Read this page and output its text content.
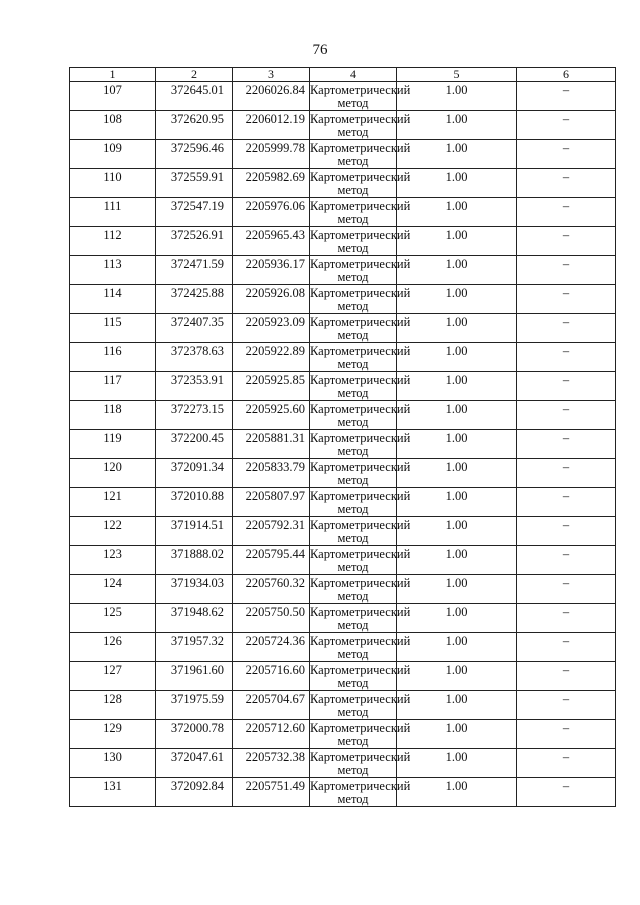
76
1	2	3	4	5	6
107	372645.01	2206026.84	Картометрический метод	1.00	–
108	372620.95	2206012.19	Картометрический метод	1.00	–
109	372596.46	2205999.78	Картометрический метод	1.00	–
110	372559.91	2205982.69	Картометрический метод	1.00	–
111	372547.19	2205976.06	Картометрический метод	1.00	–
112	372526.91	2205965.43	Картометрический метод	1.00	–
113	372471.59	2205936.17	Картометрический метод	1.00	–
114	372425.88	2205926.08	Картометрический метод	1.00	–
115	372407.35	2205923.09	Картометрический метод	1.00	–
116	372378.63	2205922.89	Картометрический метод	1.00	–
117	372353.91	2205925.85	Картометрический метод	1.00	–
118	372273.15	2205925.60	Картометрический метод	1.00	–
119	372200.45	2205881.31	Картометрический метод	1.00	–
120	372091.34	2205833.79	Картометрический метод	1.00	–
121	372010.88	2205807.97	Картометрический метод	1.00	–
122	371914.51	2205792.31	Картометрический метод	1.00	–
123	371888.02	2205795.44	Картометрический метод	1.00	–
124	371934.03	2205760.32	Картометрический метод	1.00	–
125	371948.62	2205750.50	Картометрический метод	1.00	–
126	371957.32	2205724.36	Картометрический метод	1.00	–
127	371961.60	2205716.60	Картометрический метод	1.00	–
128	371975.59	2205704.67	Картометрический метод	1.00	–
129	372000.78	2205712.60	Картометрический метод	1.00	–
130	372047.61	2205732.38	Картометрический метод	1.00	–
131	372092.84	2205751.49	Картометрический метод	1.00	–
